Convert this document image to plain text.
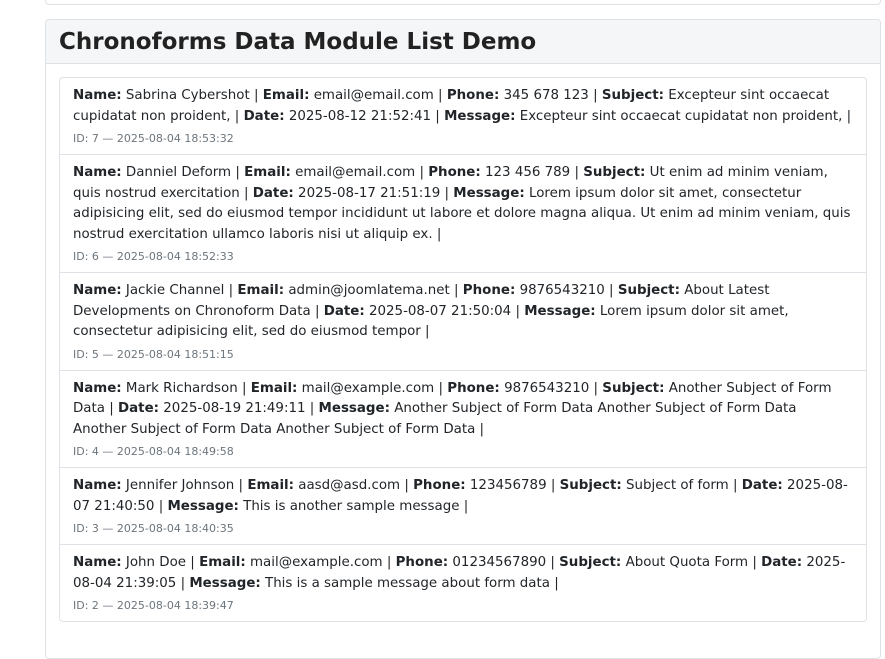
Chronoforms Data Module List Demo

Name: Sabrina Cybershot | Email: email@email.com | Phone: 345 678 123 | Subject: Excepteur sint occaecat cupidatat non proident, | Date: 2025-08-12 21:52:41 | Message: Excepteur sint occaecat cupidatat non proident, |

ID: 7 — 2025-08-04 18:53:32

Name: Danniel Deform | Email: email@email.com | Phone: 123 456 789 | Subject: Ut enim ad minim veniam, quis nostrud exercitation | Date: 2025-08-17 21:51:19 | Message: Lorem ipsum dolor sit amet, consectetur adipisicing elit, sed do eiusmod tempor incididunt ut labore et dolore magna aliqua. Ut enim ad minim veniam, quis nostrud exercitation ullamco laboris nisi ut aliquip ex. |

ID: 6 — 2025-08-04 18:52:33

Name: Jackie Channel | Email: admin@joomlatema.net | Phone: 9876543210 | Subject: About Latest Developments on Chronoform Data | Date: 2025-08-07 21:50:04 | Message: Lorem ipsum dolor sit amet, consectetur adipisicing elit, sed do eiusmod tempor |

ID: 5 — 2025-08-04 18:51:15

Name: Mark Richardson | Email: mail@example.com | Phone: 9876543210 | Subject: Another Subject of Form Data | Date: 2025-08-19 21:49:11 | Message: Another Subject of Form Data Another Subject of Form Data Another Subject of Form Data Another Subject of Form Data |

ID: 4 — 2025-08-04 18:49:58

Name: Jennifer Johnson | Email: aasd@asd.com | Phone: 123456789 | Subject: Subject of form | Date: 2025-08-07 21:40:50 | Message: This is another sample message |

ID: 3 — 2025-08-04 18:40:35

Name: John Doe | Email: mail@example.com | Phone: 01234567890 | Subject: About Quota Form | Date: 2025-08-04 21:39:05 | Message: This is a sample message about form data |

ID: 2 — 2025-08-04 18:39:47
